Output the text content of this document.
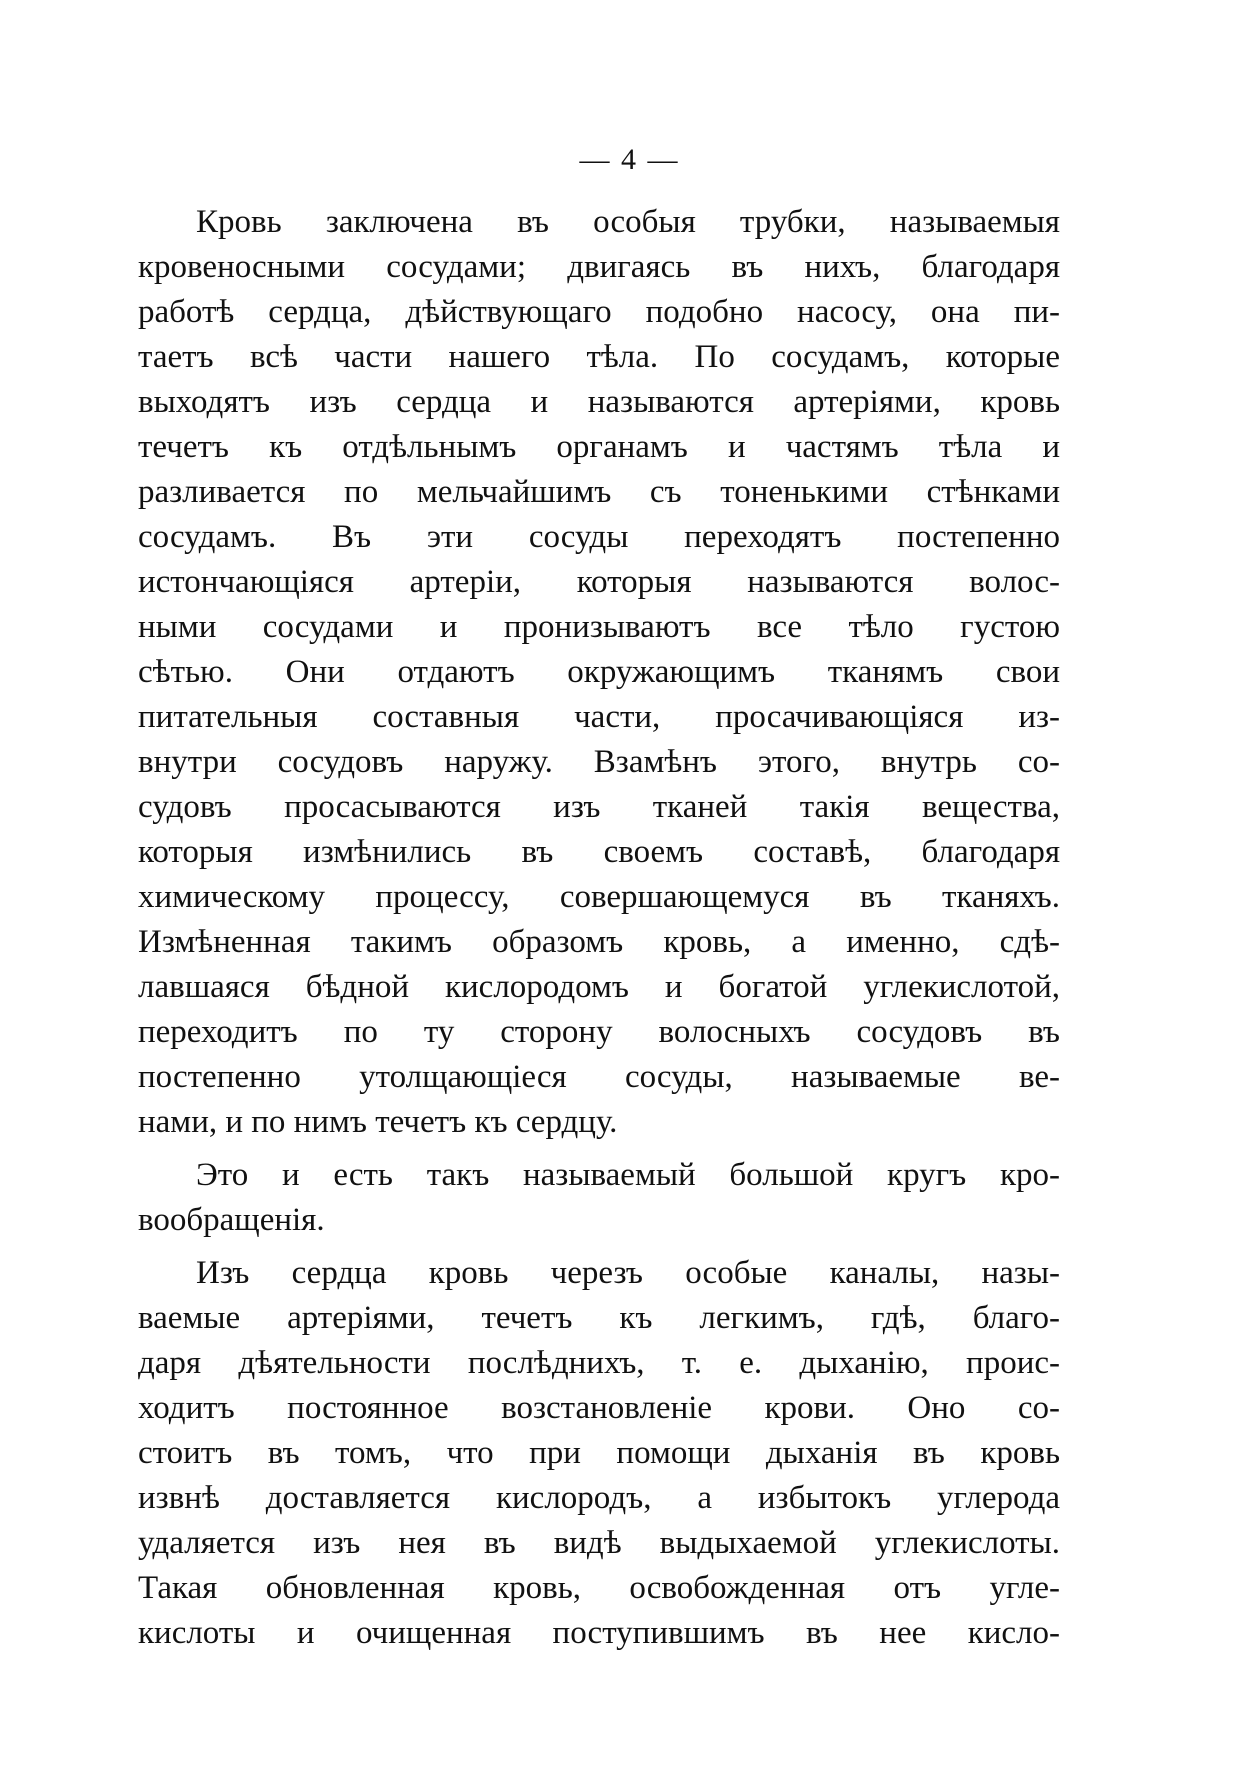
— 4 —
Кровь заключена въ особыя трубки, называемыя
кровеносными сосудами; двигаясь въ нихъ, благодаря
работѣ сердца, дѣйствующаго подобно насосу, она пи-
таетъ всѣ части нашего тѣла. По сосудамъ, которые
выходятъ изъ сердца и называются артеріями, кровь
течетъ къ отдѣльнымъ органамъ и частямъ тѣла и
разливается по мельчайшимъ съ тоненькими стѣнками
сосудамъ. Въ эти сосуды переходятъ постепенно
истончающіяся артеріи, которыя называются волос-
ными сосудами и пронизываютъ все тѣло густою
сѣтью. Они отдаютъ окружающимъ тканямъ свои
питательныя составныя части, просачивающіяся из-
внутри сосудовъ наружу. Взамѣнъ этого, внутрь со-
судовъ просасываются изъ тканей такія вещества,
которыя измѣнились въ своемъ составѣ, благодаря
химическому процессу, совершающемуся въ тканяхъ.
Измѣненная такимъ образомъ кровь, а именно, сдѣ-
лавшаяся бѣдной кислородомъ и богатой углекислотой,
переходитъ по ту сторону волосныхъ сосудовъ въ
постепенно утолщающіеся сосуды, называемые ве-
нами, и по нимъ течетъ къ сердцу.
Это и есть такъ называемый большой кругъ кро-
вообращенія.
Изъ сердца кровь черезъ особые каналы, назы-
ваемые артеріями, течетъ къ легкимъ, гдѣ, благо-
даря дѣятельности послѣднихъ, т. е. дыханію, проис-
ходитъ постоянное возстановленіе крови. Оно со-
стоитъ въ томъ, что при помощи дыханія въ кровь
извнѣ доставляется кислородъ, а избытокъ углерода
удаляется изъ нея въ видѣ выдыхаемой углекислоты.
Такая обновленная кровь, освобожденная отъ угле-
кислоты и очищенная поступившимъ въ нее кисло-
